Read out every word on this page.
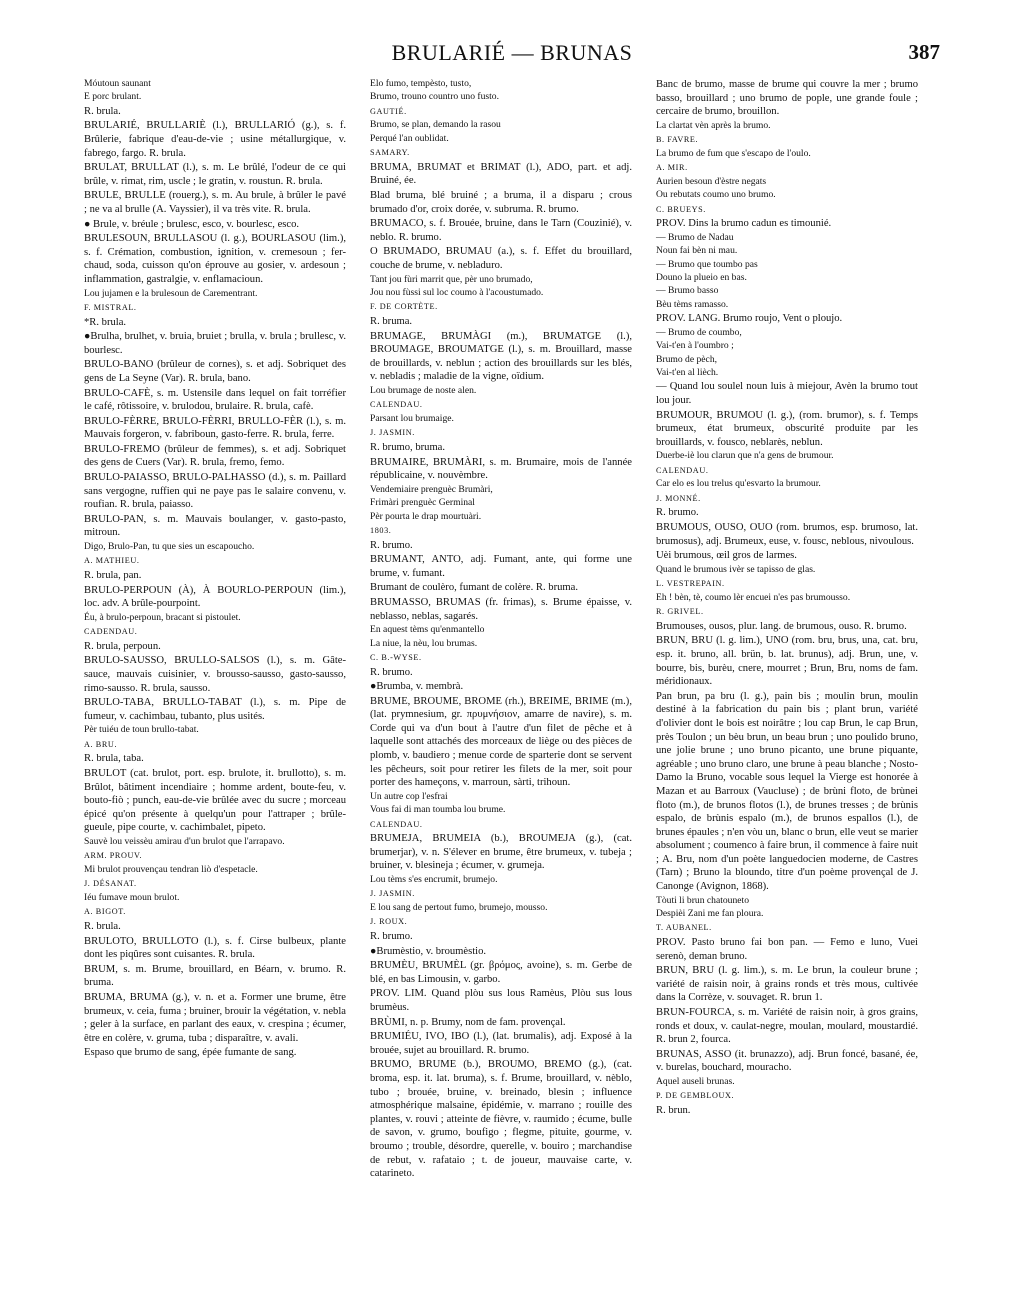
BRULARIÉ — BRUNAS	387

Móutoun saunant

E porc brulant.

R. brula.

BRULARIÉ, BRULLARIÈ (l.), BRULLARIÓ (g.), s. f. Brûlerie, fabrique d'eau-de-vie ; usine métallurgique, v. fabrego, fargo. R. brula.

BRULAT, BRULLAT (l.), s. m. Le brûlé, l'odeur de ce qui brûle, v. rimat, rim, uscle ; le gratin, v. roustun. R. brula.

BRULE, BRULLE (rouerg.), s. m. Au brule, à brûler le pavé ; ne va al brulle (A. Vayssier), il va très vite. R. brula.

● Brule, v. bréule ; brulesc, esco, v. bourlesc, esco.

BRULESOUN, BRULLASOU (l. g.), BOURLASOU (lim.), s. f. Crémation, combustion, ignition, v. cremesoun ; fer-chaud, soda, cuisson qu'on éprouve au gosier, v. ardesoun ; inflammation, gastralgie, v. enflamacioun.

Lou jujamen e la brulesoun de Carementrant.

F. MISTRAL.

*R. brula.

●Brulha, brulhet, v. bruia, bruiet ; brulla, v. brula ; brullesc, v. bourlesc.

BRULO-BANO (brûleur de cornes), s. et adj. Sobriquet des gens de La Seyne (Var). R. brula, bano.

BRULO-CAFÈ, s. m. Ustensile dans lequel on fait torréfier le café, rôtissoire, v. brulodou, brulaire. R. brula, cafè.

BRULO-FÈRRE, BRULO-FÈRRI, BRULLO-FÈR (l.), s. m. Mauvais forgeron, v. fabriboun, gasto-ferre. R. brula, ferre.

BRULO-FREMO (brûleur de femmes), s. et adj. Sobriquet des gens de Cuers (Var). R. brula, fremo, femo.

BRULO-PAIASSO, BRULO-PALHASSO (d.), s. m. Paillard sans vergogne, ruffien qui ne paye pas le salaire convenu, v. roufian. R. brula, paiasso.

BRULO-PAN, s. m. Mauvais boulanger, v. gasto-pasto, mitroun.

Digo, Brulo-Pan, tu que sies un escapoucho.

A. MATHIEU.

R. brula, pan.

BRULO-PERPOUN (À), À BOURLO-PERPOUN (lim.), loc. adv. A brûle-pourpoint.

Éu, à brulo-perpoun, bracant si pistoulet.

CADENDAU.

R. brula, perpoun.

BRULO-SAUSSO, BRULLO-SALSOS (l.), s. m. Gâte-sauce, mauvais cuisinier, v. brousso-sausso, gasto-sausso, rimo-sausso. R. brula, sausso.

BRULO-TABA, BRULLO-TABAT (l.), s. m. Pipe de fumeur, v. cachimbau, tubanto, plus usités.

Pèr tuiéu de toun brullo-tabat.

A. BRU.

R. brula, taba.

BRULOT (cat. brulot, port. esp. brulote, it. brullotto), s. m. Brûlot, bâtiment incendiaire ; homme ardent, boute-feu, v. bouto-fiò ; punch, eau-de-vie brûlée avec du sucre ; morceau épicé qu'on présente à quelqu'un pour l'attraper ; brûle-gueule, pipe courte, v. cachimbalet, pipeto.

Sauvè lou veissèu amirau d'un brulot que l'arrapavo.

ARM. PROUV.

Mi brulot prouvençau tendran liò d'espetacle.

J. DÉSANAT.

Iéu fumave moun brulot.

A. BIGOT.

R. brula.

BRULOTO, BRULLOTO (l.), s. f. Cirse bulbeux, plante dont les piqûres sont cuisantes. R. brula.

BRUM, s. m. Brume, brouillard, en Béarn, v. brumo. R. bruma.

BRUMA, BRUMA (g.), v. n. et a. Former une brume, être brumeux, v. ceia, fuma ; bruiner, brouir la végétation, v. nebla ; geler à la surface, en parlant des eaux, v. crespina ; écumer, être en colère, v. gruma, tuba ; disparaître, v. avali.

Espaso que brumo de sang, épée fumante de sang.

Elo fumo, tempèsto, tusto,

Brumo, trouno countro uno fusto.

GAUTIÉ.

Brumo, se plan, demando la rasou

Perqué l'an oublidat.

SAMARY.

BRUMA, BRUMAT et BRIMAT (l.), ADO, part. et adj. Bruiné, ée.

Blad bruma, blé bruiné ; a bruma, il a disparu ; crous brumado d'or, croix dorée, v. subruma. R. brumo.

BRUMACO, s. f. Brouée, bruine, dans le Tarn (Couzinié), v. neblo. R. brumo.

O BRUMADO, BRUMAU (a.), s. f. Effet du brouillard, couche de brume, v. nebladuro.

Tant jou fùri marrit que, pèr uno brumado,

Jou nou fùssi sul loc coumo à l'acoustumado.

F. DE CORTÈTE.

R. bruma.

BRUMAGE, BRUMÀGI (m.), BRUMATGE (l.), BROUMAGE, BROUMATGE (l.), s. m. Brouillard, masse de brouillards, v. neblun ; action des brouillards sur les blés, v. nebladis ; maladie de la vigne, oïdium.

Lou brumage de noste alen.

CALENDAU.

Parsant lou brumaige.

J. JASMIN.

R. brumo, bruma.

BRUMAIRE, BRUMÀRI, s. m. Brumaire, mois de l'année républicaine, v. nouvèmbre.

Vendemiaire prenguèc Brumàri,

Frimàri prenguèc Germinal

Pèr pourta le drap mourtuàri.

1803.

R. brumo.

BRUMANT, ANTO, adj. Fumant, ante, qui forme une brume, v. fumant.

Brumant de coulèro, fumant de colère. R. bruma.

BRUMASSO, BRUMAS (fr. frimas), s. Brume épaisse, v. neblasso, neblas, sagarés.

En aquest tèms qu'enmantello

La niue, la nèu, lou brumas.

C. B.-WYSE.

R. brumo.

●Brumba, v. membrà.

BRUME, BROUME, BROME (rh.), BREIME, BRIME (m.), (lat. prymnesium, gr. πρυμνήσιον, amarre de navire), s. m. Corde qui va d'un bout à l'autre d'un filet de pêche et à laquelle sont attachés des morceaux de liège ou des pièces de plomb, v. baudiero ; menue corde de sparterie dont se servent les pêcheurs, soit pour retirer les filets de la mer, soit pour porter des hameçons, v. marroun, sàrti, trihoun.

Un autre cop l'esfrai

Vous fai di man toumba lou brume.

CALENDAU.

BRUMEJA, BRUMEIA (b.), BROUMEJA (g.), (cat. brumerjar), v. n. S'élever en brume, être brumeux, v. tubeja ; bruiner, v. blesineja ; écumer, v. grumeja.

Lou tèms s'es encrumit, brumejo.

J. JASMIN.

E lou sang de pertout fumo, brumejo, mousso.

J. ROUX.

R. brumo.

●Brumèstio, v. broumèstio.

BRUMÈU, BRUMÈL (gr. βρόμος, avoine), s. m. Gerbe de blé, en bas Limousin, v. garbo.

PROV. LIM. Quand plòu sus lous Ramèus, Plòu sus lous brumèus.

BRÙMI, n. p. Brumy, nom de fam. provençal.

BRUMIÉU, IVO, IBO (l.), (lat. brumalis), adj. Exposé à la brouée, sujet au brouillard. R. brumo.

BRUMO, BRUME (b.), BROUMO, BREMO (g.), (cat. broma, esp. it. lat. bruma), s. f. Brume, brouillard, v. nèblo, tubo ; brouée, bruine, v. breinado, blesin ; influence atmosphérique malsaine, épidémie, v. marrano ; rouille des plantes, v. rouvi ; atteinte de fièvre, v. raumido ; écume, bulle de savon, v. grumo, boufigo ; flegme, pituite, gourme, v. broumo ; trouble, désordre, querelle, v. bouiro ; marchandise de rebut, v. rafataio ; t. de joueur, mauvaise carte, v. catarineto.

Banc de brumo, masse de brume qui couvre la mer ; brumo basso, brouillard ; uno brumo de pople, une grande foule ; cercaire de brumo, brouillon.

La clartat vèn après la brumo.

B. FAVRE.

La brumo de fum que s'escapo de l'oulo.

A. MIR.

Aurien besoun d'èstre negats

Ou rebutats coumo uno brumo.

C. BRUEYS.

PROV. Dins la brumo cadun es timounié.

— Brumo de Nadau

Noun fai bèn ni mau.

— Brumo que toumbo pas

Douno la plueio en bas.

— Brumo basso

Bèu tèms ramasso.

PROV. LANG. Brumo roujo, Vent o ploujo.

— Brumo de coumbo,

Vai-t'en à l'oumbro ;

Brumo de pèch,

Vai-t'en al lièch.

— Quand lou soulel noun luis à miejour, Avèn la brumo tout lou jour.

BRUMOUR, BRUMOU (l. g.), (rom. brumor), s. f. Temps brumeux, état brumeux, obscurité produite par les brouillards, v. fousco, neblarès, neblun.

Duerbe-iè lou clarun que n'a gens de brumour.

CALENDAU.

Car elo es lou trelus qu'esvarto la brumour.

J. MONNÉ.

R. brumo.

BRUMOUS, OUSO, OUO (rom. brumos, esp. brumoso, lat. brumosus), adj. Brumeux, euse, v. fousc, neblous, nivoulous.

Uèi brumous, œil gros de larmes.

Quand le brumous ivèr se tapisso de glas.

L. VESTREPAIN.

Eh ! bèn, tè, coumo lèr encuei n'es pas brumousso.

R. GRIVEL.

Brumouses, ousos, plur. lang. de brumous, ouso. R. brumo.

BRUN, BRU (l. g. lim.), UNO (rom. bru, brus, una, cat. bru, esp. it. bruno, all. brün, b. lat. brunus), adj. Brun, une, v. bourre, bis, burèu, cnere, mourret ; Brun, Bru, noms de fam. méridionaux.

Pan brun, pa bru (l. g.), pain bis ; moulin brun, moulin destiné à la fabrication du pain bis ; plant brun, variété d'olivier dont le bois est noirâtre ; lou cap Brun, le cap Brun, près Toulon ; un bèu brun, un beau brun ; uno poulido bruno, une jolie brune ; uno bruno picanto, une brune piquante, agréable ; uno bruno claro, une brune à peau blanche ; Nosto-Damo la Bruno, vocable sous lequel la Vierge est honorée à Mazan et au Barroux (Vaucluse) ; de brùni floto, de brùnei floto (m.), de brunos flotos (l.), de brunes tresses ; de brùnis espalo, de brùnis espalo (m.), de brunos espallos (l.), de brunes épaules ; n'en vòu un, blanc o brun, elle veut se marier absolument ; coumenco à faire brun, il commence à faire nuit ; A. Bru, nom d'un poète languedocien moderne, de Castres (Tarn) ; Bruno la bloundo, titre d'un poème provençal de J. Canonge (Avignon, 1868).

Tòuti li brun chatouneto

Despièi Zani me fan ploura.

T. AUBANEL.

PROV. Pasto bruno fai bon pan. — Femo e luno, Vuei serenò, deman bruno.

BRUN, BRU (l. g. lim.), s. m. Le brun, la couleur brune ; variété de raisin noir, à grains ronds et très mous, cultivée dans la Corrèze, v. souvaget. R. brun 1.

BRUN-FOURCA, s. m. Variété de raisin noir, à gros grains, ronds et doux, v. caulat-negre, moulan, moulard, moustardié. R. brun 2, fourca.

BRUNAS, ASSO (it. brunazzo), adj. Brun foncé, basané, ée, v. burelas, bouchard, mouracho.

Aquel auseli brunas.

P. DE GEMBLOUX.

R. brun.
